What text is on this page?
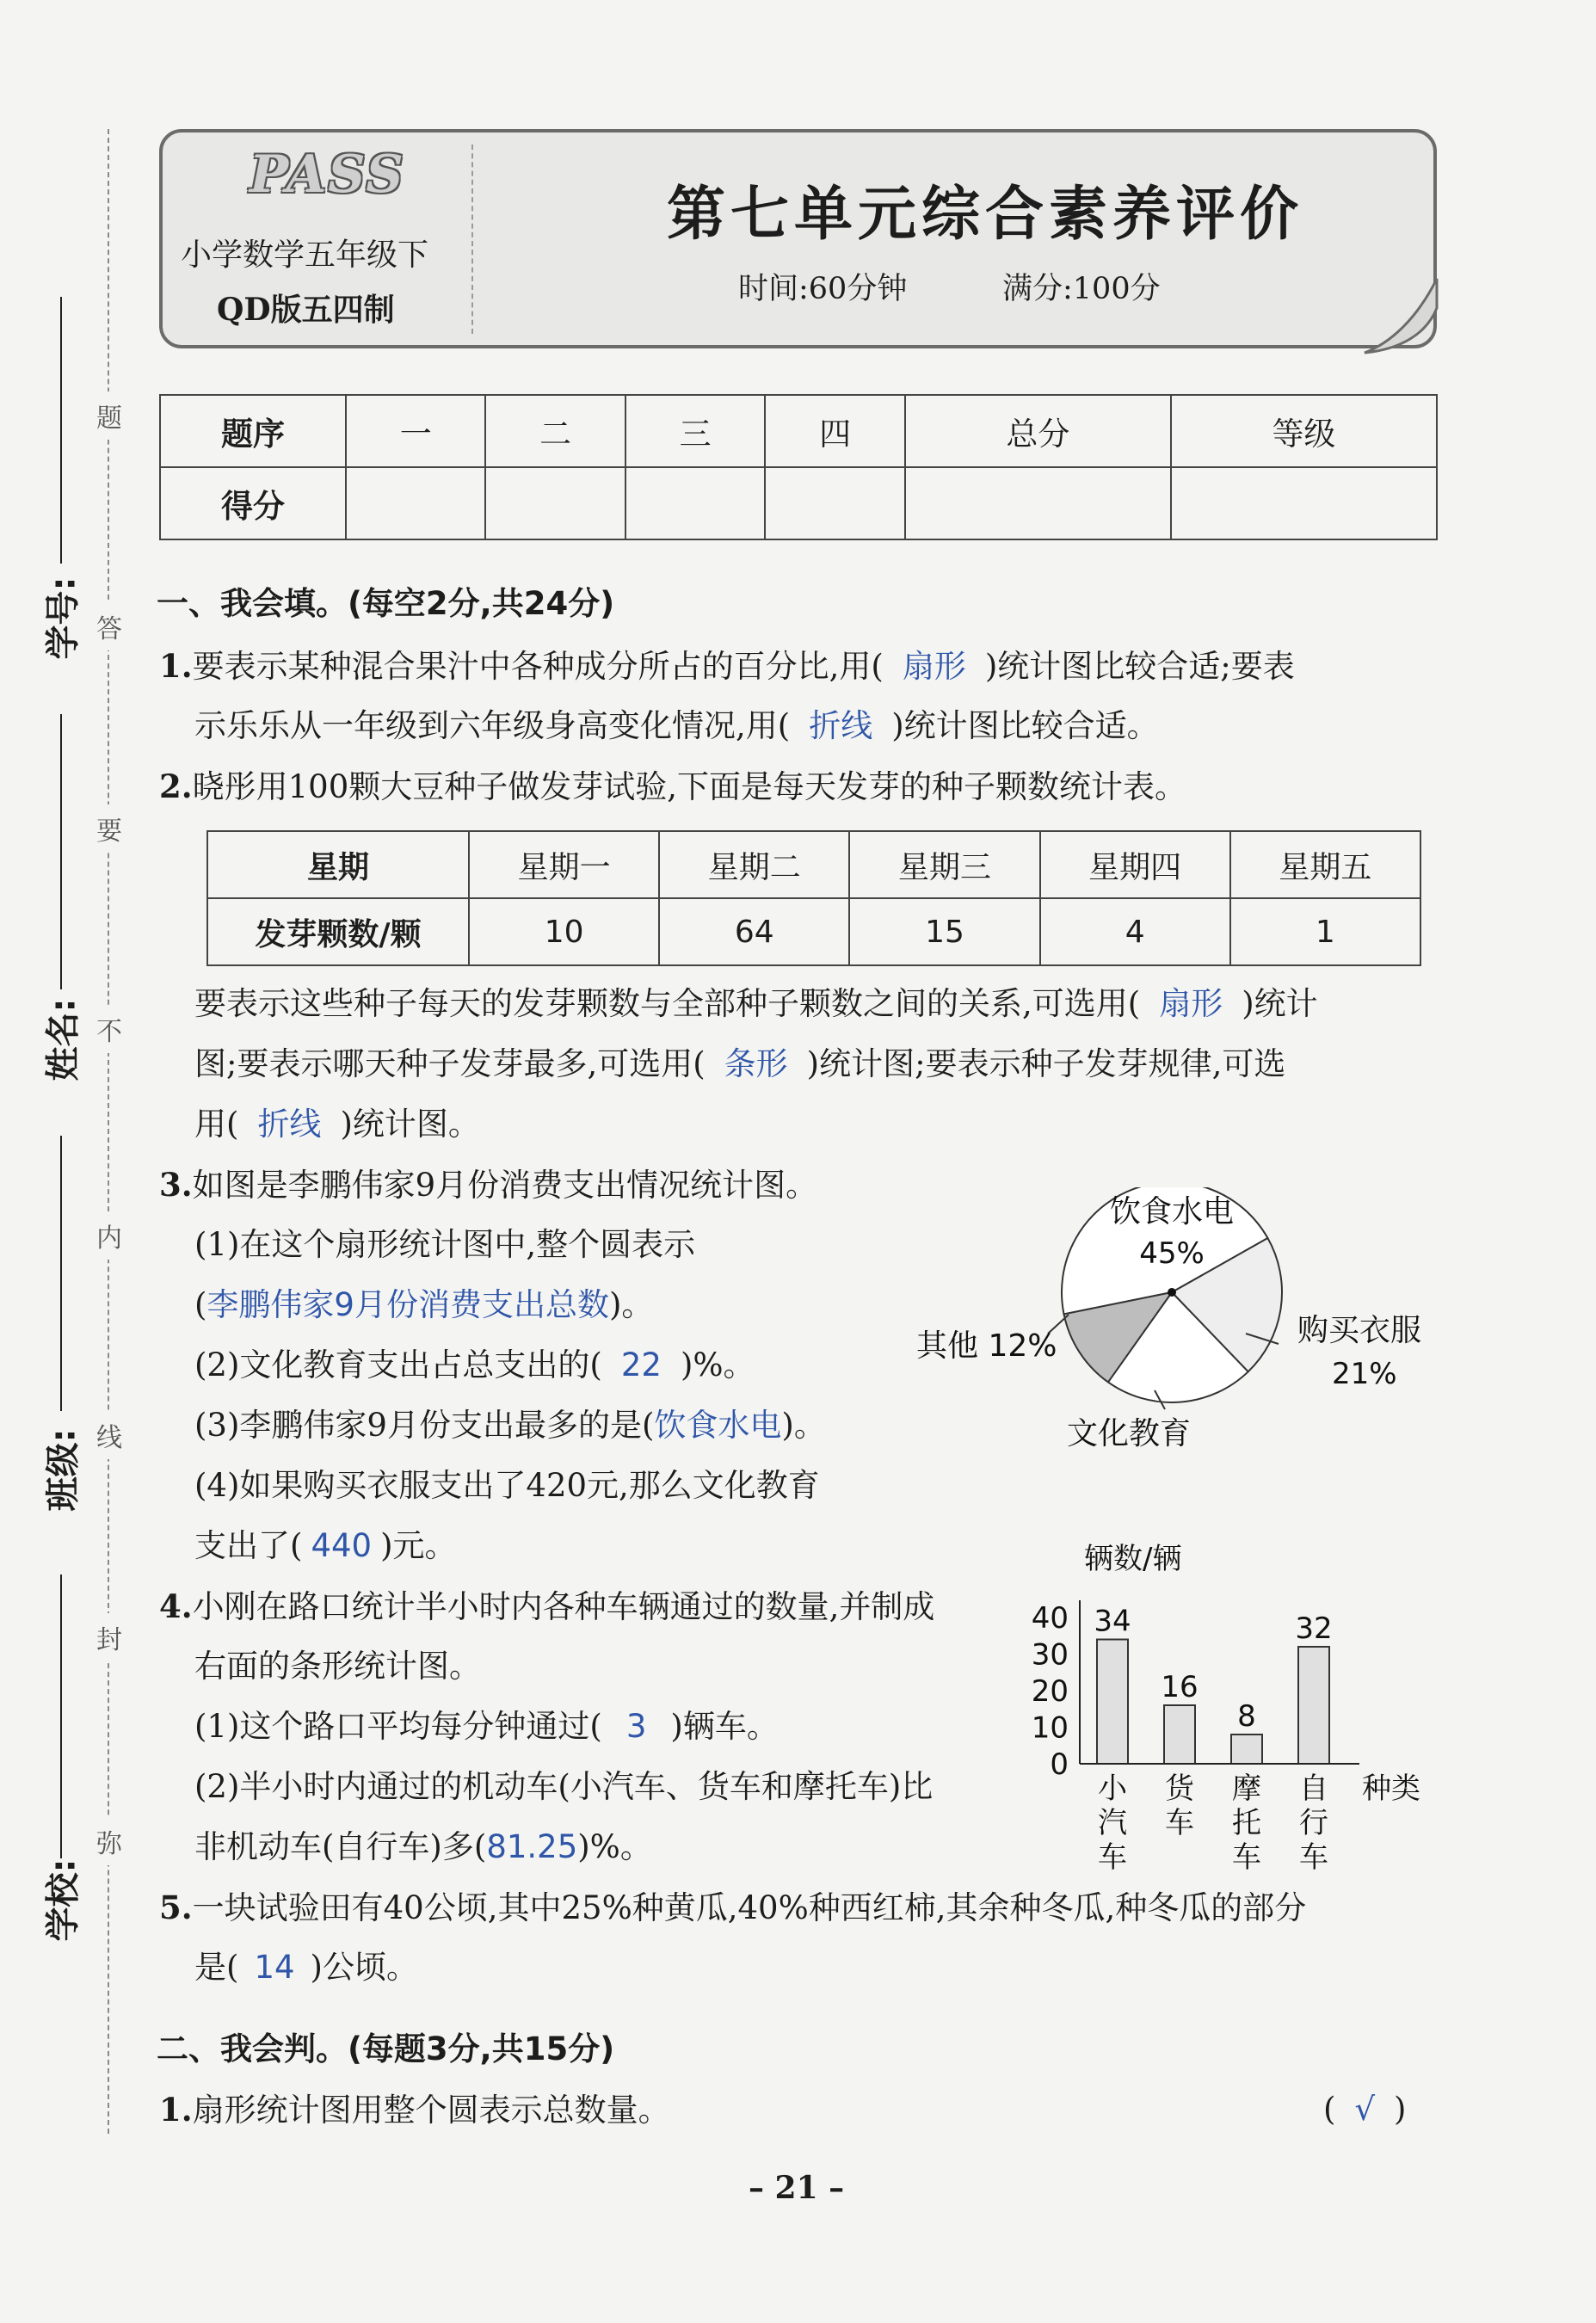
题
答
要
不
内
线
封
弥
学号:
姓名:
班级:
学校:
PASS
小学数学五年级下
QD版五四制
第七单元综合素养评价
时间:60分钟	满分:100分
题序	一	二	三	四	总分	等级
得分						
一、我会填。(每空2分,共24分)
1.要表示某种混合果汁中各种成分所占的百分比,用( 扇形 )统计图比较合适;要表
示乐乐从一年级到六年级身高变化情况,用( 折线 )统计图比较合适。
2.晓彤用100颗大豆种子做发芽试验,下面是每天发芽的种子颗数统计表。
星期	星期一	星期二	星期三	星期四	星期五
发芽颗数/颗	10	64	15	4	1
要表示这些种子每天的发芽颗数与全部种子颗数之间的关系,可选用( 扇形 )统计
图;要表示哪天种子发芽最多,可选用( 条形 )统计图;要表示种子发芽规律,可选
用( 折线 )统计图。
3.如图是李鹏伟家9月份消费支出情况统计图。
(1)在这个扇形统计图中,整个圆表示
(李鹏伟家9月份消费支出总数)。
(2)文化教育支出占总支出的( 22 )%。
(3)李鹏伟家9月份支出最多的是(饮食水电)。
(4)如果购买衣服支出了420元,那么文化教育
支出了( 440 )元。
饮食水电
45%
购买衣服
21%
文化教育
其他 12%
4.小刚在路口统计半小时内各种车辆通过的数量,并制成
右面的条形统计图。
(1)这个路口平均每分钟通过( 3 )辆车。
(2)半小时内通过的机动车(小汽车、货车和摩托车)比
非机动车(自行车)多(81.25)%。
辆数/辆
0
10
20
30
40 34
小
汽
车
16
货
车
8
摩
托
车
32
自
行
车
种类
5.一块试验田有40公顷,其中25%种黄瓜,40%种西红柿,其余种冬瓜,种冬瓜的部分
是( 14 )公顷。
二、我会判。(每题3分,共15分)
1.扇形统计图用整个圆表示总数量。	( √ )
– 21 –
